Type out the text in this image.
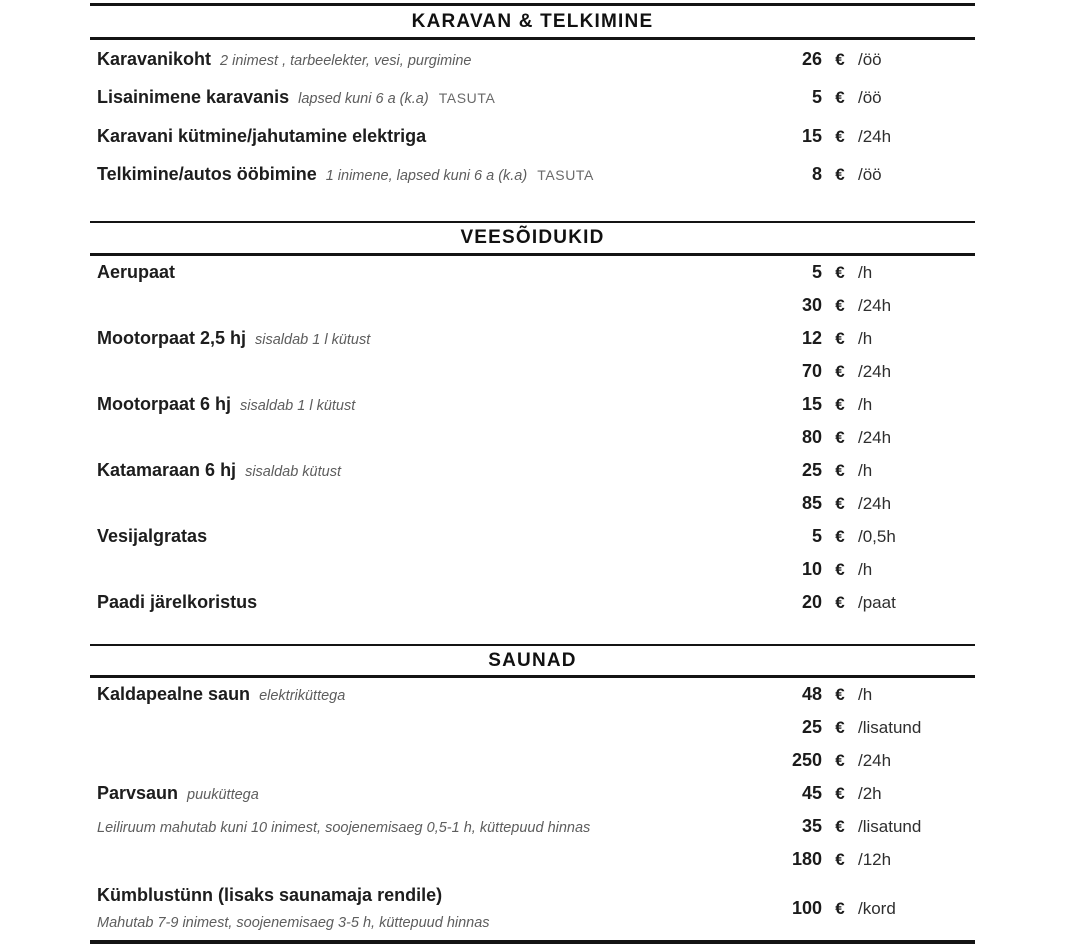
KARAVAN & TELKIMINE
Karavanikoht 2 inimest , tarbeelekter, vesi, purgimine	26 € /öö
Lisainimene karavanis lapsed kuni 6 a (k.a) TASUTA	5 € /öö
Karavani kütmine/jahutamine elektriga	15 € /24h
Telkimine/autos ööbimine 1 inimene, lapsed kuni 6 a (k.a) TASUTA	8 € /öö
VEESÕIDUKID
Aerupaat	5 € /h
30 € /24h
Mootorpaat 2,5 hj sisaldab 1 l kütust	12 € /h
70 € /24h
Mootorpaat 6 hj sisaldab 1 l kütust	15 € /h
80 € /24h
Katamaraan 6 hj sisaldab kütust	25 € /h
85 € /24h
Vesijalgratas	5 € /0,5h
10 € /h
Paadi järelkoristus	20 € /paat
SAUNAD
Kaldapealne saun elektriküttega	48 € /h
25 € /lisatund
250 € /24h
Parvsaun puuküttega	45 € /2h
Leiliruum mahutab kuni 10 inimest, soojenemisaeg 0,5-1 h, küttepuud hinnas	35 € /lisatund
180 € /12h
Kümblustünn (lisaks saunamaja rendile)
Mahutab 7-9 inimest, soojenemisaeg 3-5 h, küttepuud hinnas
100 € /kord
